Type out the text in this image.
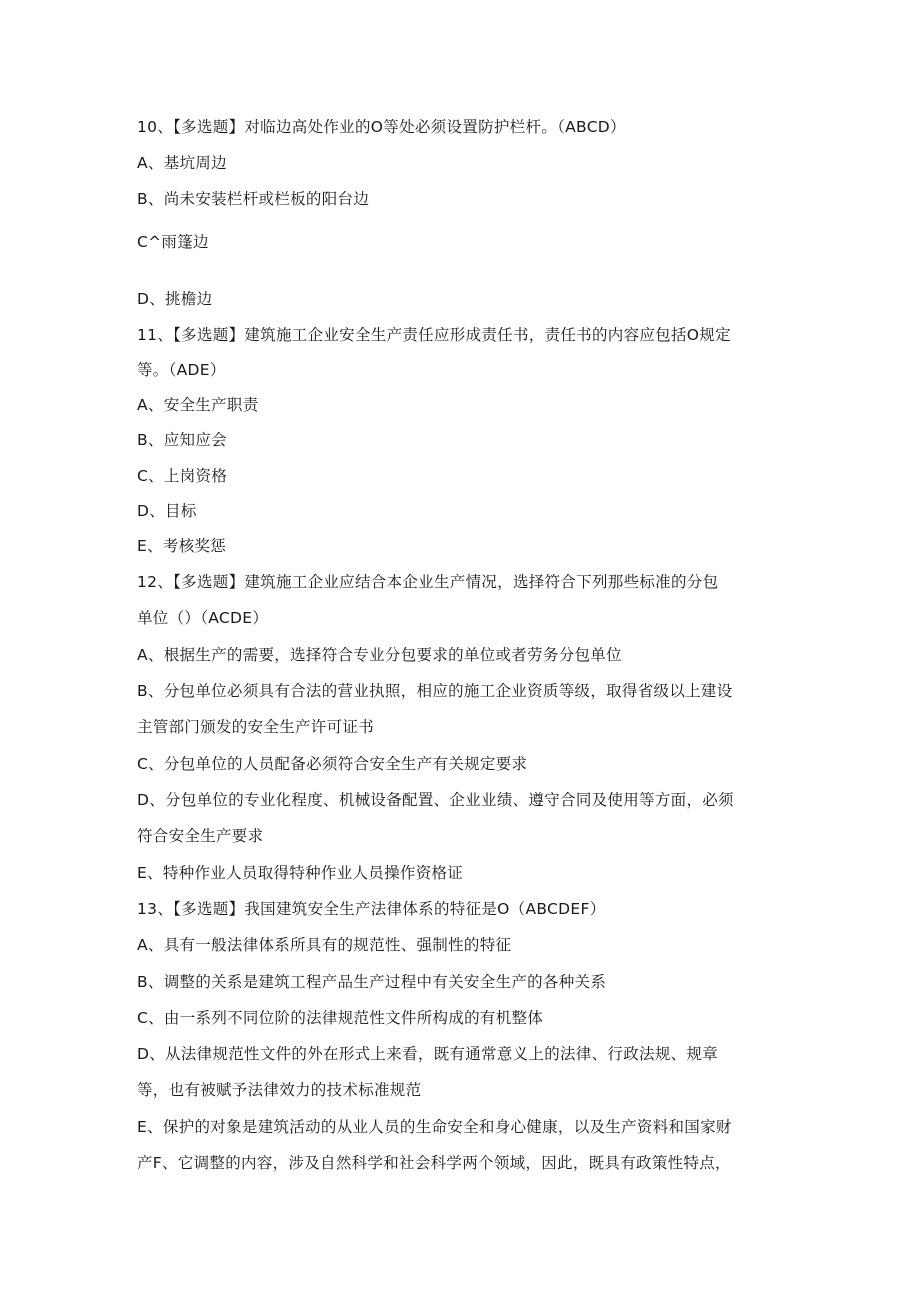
10、【多选题】对临边高处作业的O等处必须设置防护栏杆。（ABCD）
A、基坑周边
B、尚未安装栏杆或栏板的阳台边
C^雨篷边
D、挑檐边
11、【多选题】建筑施工企业安全生产责任应形成责任书，责任书的内容应包括O规定
等。（ADE）
A、安全生产职责
B、应知应会
C、上岗资格
D、目标
E、考核奖惩
12、【多选题】建筑施工企业应结合本企业生产情况，选择符合下列那些标准的分包
单位（）（ACDE）
A、根据生产的需要，选择符合专业分包要求的单位或者劳务分包单位
B、分包单位必须具有合法的营业执照，相应的施工企业资质等级，取得省级以上建设
主管部门颁发的安全生产许可证书
C、分包单位的人员配备必须符合安全生产有关规定要求
D、分包单位的专业化程度、机械设备配置、企业业绩、遵守合同及使用等方面，必须
符合安全生产要求
E、特种作业人员取得特种作业人员操作资格证
13、【多选题】我国建筑安全生产法律体系的特征是O（ABCDEF）
A、具有一般法律体系所具有的规范性、强制性的特征
B、调整的关系是建筑工程产品生产过程中有关安全生产的各种关系
C、由一系列不同位阶的法律规范性文件所构成的有机整体
D、从法律规范性文件的外在形式上来看，既有通常意义上的法律、行政法规、规章
等，也有被赋予法律效力的技术标准规范
E、保护的对象是建筑活动的从业人员的生命安全和身心健康，以及生产资料和国家财
产F、它调整的内容，涉及自然科学和社会科学两个领域，因此，既具有政策性特点，
